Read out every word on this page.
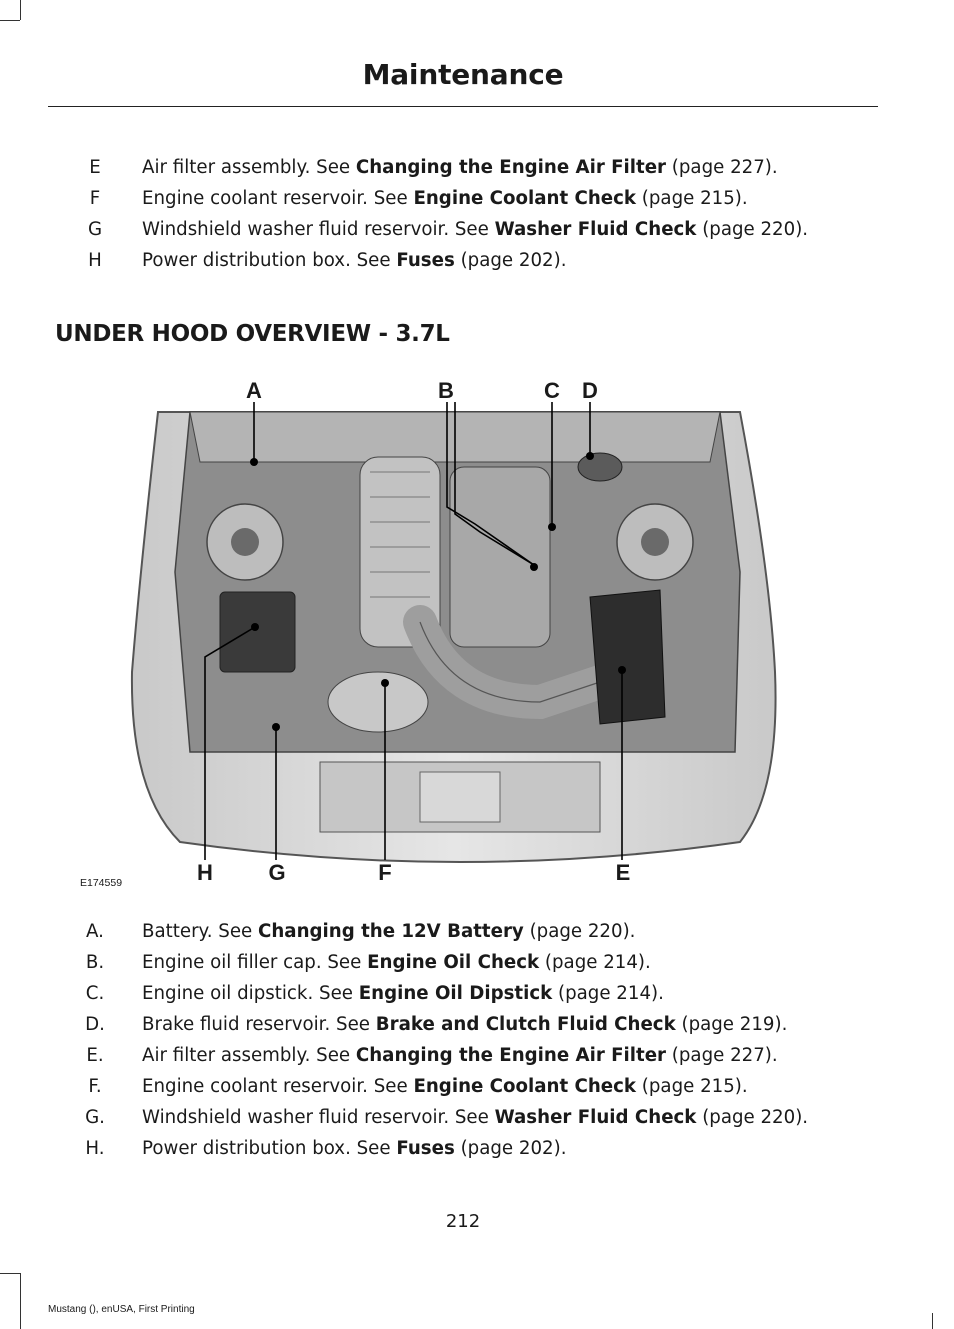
Maintenance
E Air filter assembly. See Changing the Engine Air Filter (page 227).
F	Engine coolant reservoir. See Engine Coolant Check (page 215).
G Windshield washer fluid reservoir. See Washer Fluid Check (page 220).
H Power distribution box. See Fuses (page 202).
UNDER HOOD OVERVIEW - 3.7L
A	B	C	D
E
F
G
H
E174559
A. Battery. See Changing the 12V Battery (page 220).
B. Engine oil filler cap. See Engine Oil Check (page 214).
C. Engine oil dipstick. See Engine Oil Dipstick (page 214).
D. Brake fluid reservoir. See Brake and Clutch Fluid Check (page 219).
E. Air filter assembly. See Changing the Engine Air Filter (page 227).
F. Engine coolant reservoir. See Engine Coolant Check (page 215).
G. Windshield washer fluid reservoir. See Washer Fluid Check (page 220).
H. Power distribution box. See Fuses (page 202).
212
Mustang (), enUSA, First Printing
